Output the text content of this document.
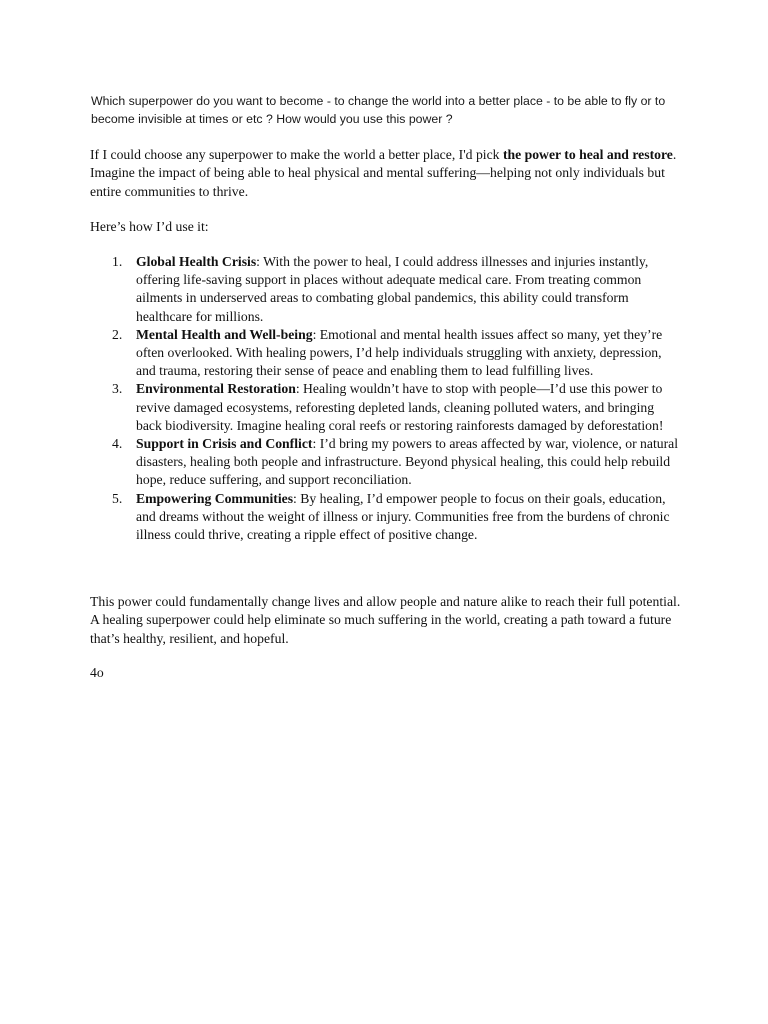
Which superpower do you want to become - to change the world into a better place - to be able to fly or to become invisible at times or etc ? How would you use this power ?

If I could choose any superpower to make the world a better place, I'd pick the power to heal and restore. Imagine the impact of being able to heal physical and mental suffering—helping not only individuals but entire communities to thrive.

Here’s how I’d use it:

1. Global Health Crisis: With the power to heal, I could address illnesses and injuries instantly, offering life-saving support in places without adequate medical care. From treating common ailments in underserved areas to combating global pandemics, this ability could transform healthcare for millions.
2. Mental Health and Well-being: Emotional and mental health issues affect so many, yet they’re often overlooked. With healing powers, I’d help individuals struggling with anxiety, depression, and trauma, restoring their sense of peace and enabling them to lead fulfilling lives.
3. Environmental Restoration: Healing wouldn’t have to stop with people—I’d use this power to revive damaged ecosystems, reforesting depleted lands, cleaning polluted waters, and bringing back biodiversity. Imagine healing coral reefs or restoring rainforests damaged by deforestation!
4. Support in Crisis and Conflict: I’d bring my powers to areas affected by war, violence, or natural disasters, healing both people and infrastructure. Beyond physical healing, this could help rebuild hope, reduce suffering, and support reconciliation.
5. Empowering Communities: By healing, I’d empower people to focus on their goals, education, and dreams without the weight of illness or injury. Communities free from the burdens of chronic illness could thrive, creating a ripple effect of positive change.

This power could fundamentally change lives and allow people and nature alike to reach their full potential. A healing superpower could help eliminate so much suffering in the world, creating a path toward a future that’s healthy, resilient, and hopeful.

4o
